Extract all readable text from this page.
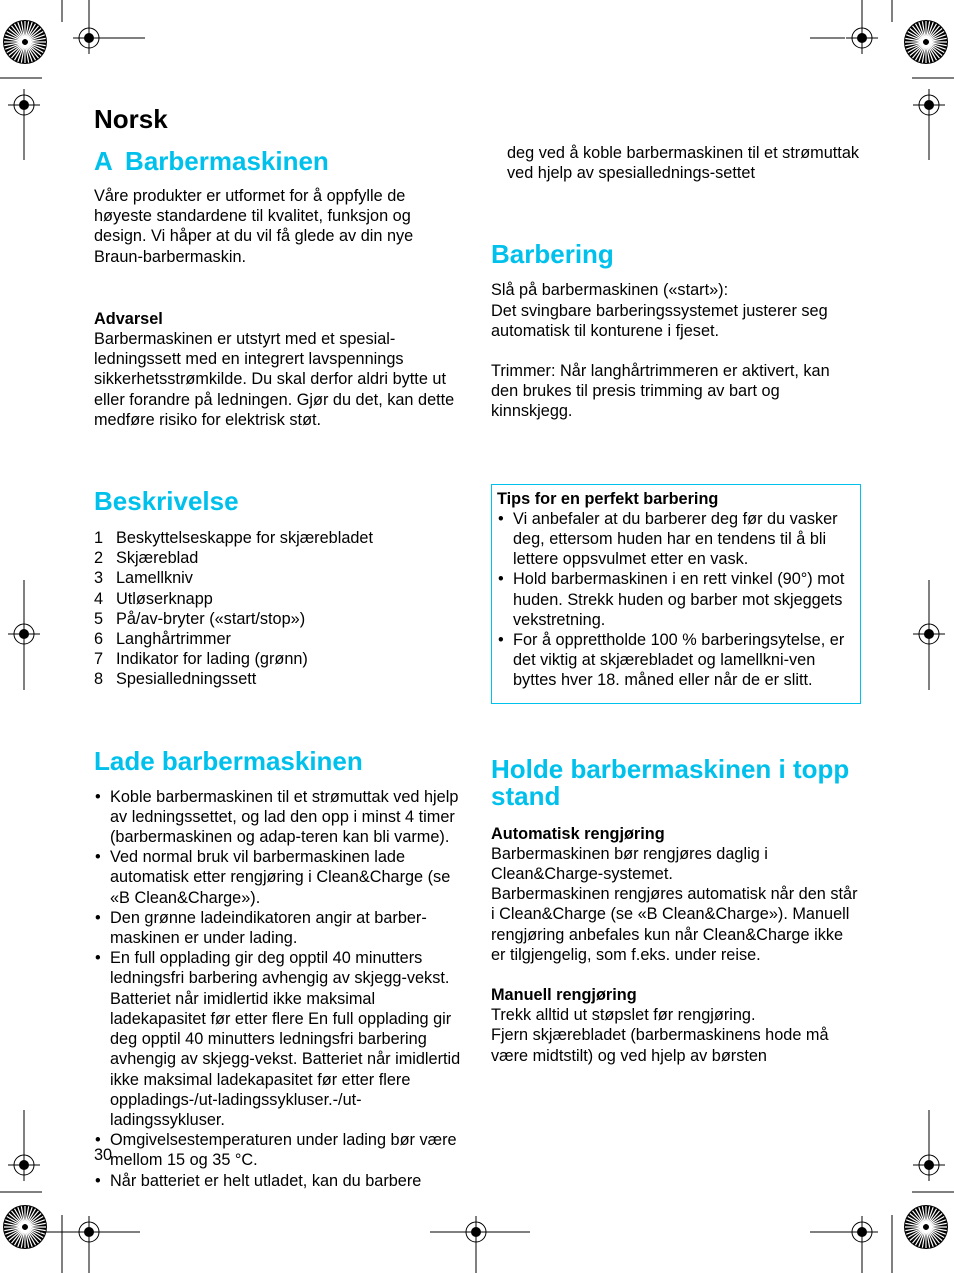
Norsk
A Barbermaskinen

Våre produkter er utformet for å oppfylle de høyeste standardene til kvalitet, funksjon og design. Vi håper at du vil få glede av din nye Braun-barbermaskin.

Advarsel

Barbermaskinen er utstyrt med et spesial-ledningssett med en integrert lavspennings sikkerhetsstrømkilde. Du skal derfor aldri bytte ut eller forandre på ledningen. Gjør du det, kan dette medføre risiko for elektrisk støt.

Beskrivelse
1 Beskyttelseskappe for skjærebladet
2 Skjæreblad
3 Lamellkniv
4 Utløserknapp
5 På/av-bryter («start/stop»)
6 Langhårtrimmer
7 Indikator for lading (grønn)
8 Spesialledningssett
Lade barbermaskinen
• Koble barbermaskinen til et strømuttak ved hjelp av ledningssettet, og lad den opp i minst 4 timer (barbermaskinen og adap-teren kan bli varme).
• Ved normal bruk vil barbermaskinen lade automatisk etter rengjøring i Clean&Charge (se «B Clean&Charge»).
• Den grønne ladeindikatoren angir at barber-maskinen er under lading.
• En full opplading gir deg opptil 40 minutters ledningsfri barbering avhengig av skjegg-vekst. Batteriet når imidlertid ikke maksimal ladekapasitet før etter flere En full opplading gir deg opptil 40 minutters ledningsfri barbering avhengig av skjegg-vekst. Batteriet når imidlertid ikke maksimal ladekapasitet før etter flere oppladings-/ut-ladingssykluser.-/ut-ladingssykluser.
• Omgivelsestemperaturen under lading bør være mellom 15 og 35 °C.
• Når batteriet er helt utladet, kan du barbere

deg ved å koble barbermaskinen til et strømuttak ved hjelp av spesiallednings-settet

Barbering

Slå på barbermaskinen («start»):
Det svingbare barberingssystemet justerer seg automatisk til konturene i fjeset.

Trimmer: Når langhårtrimmeren er aktivert, kan den brukes til presis trimming av bart og kinnskjegg.

Tips for en perfekt barbering

• Vi anbefaler at du barberer deg før du vasker deg, ettersom huden har en tendens til å bli lettere oppsvulmet etter en vask.
• Hold barbermaskinen i en rett vinkel (90°) mot huden. Strekk huden og barber mot skjeggets vekstretning.
• For å opprettholde 100 % barberingsytelse, er det viktig at skjærebladet og lamellkni-ven byttes hver 18. måned eller når de er slitt.
Holde barbermaskinen i topp stand

Automatisk rengjøring

Barbermaskinen bør rengjøres daglig i Clean&Charge-systemet.
Barbermaskinen rengjøres automatisk når den står i Clean&Charge (se «B Clean&Charge»). Manuell rengjøring anbefales kun når Clean&Charge ikke er tilgjengelig, som f.eks. under reise.

Manuell rengjøring

Trekk alltid ut støpslet før rengjøring.
Fjern skjærebladet (barbermaskinens hode må være midtstilt) og ved hjelp av børsten

30
